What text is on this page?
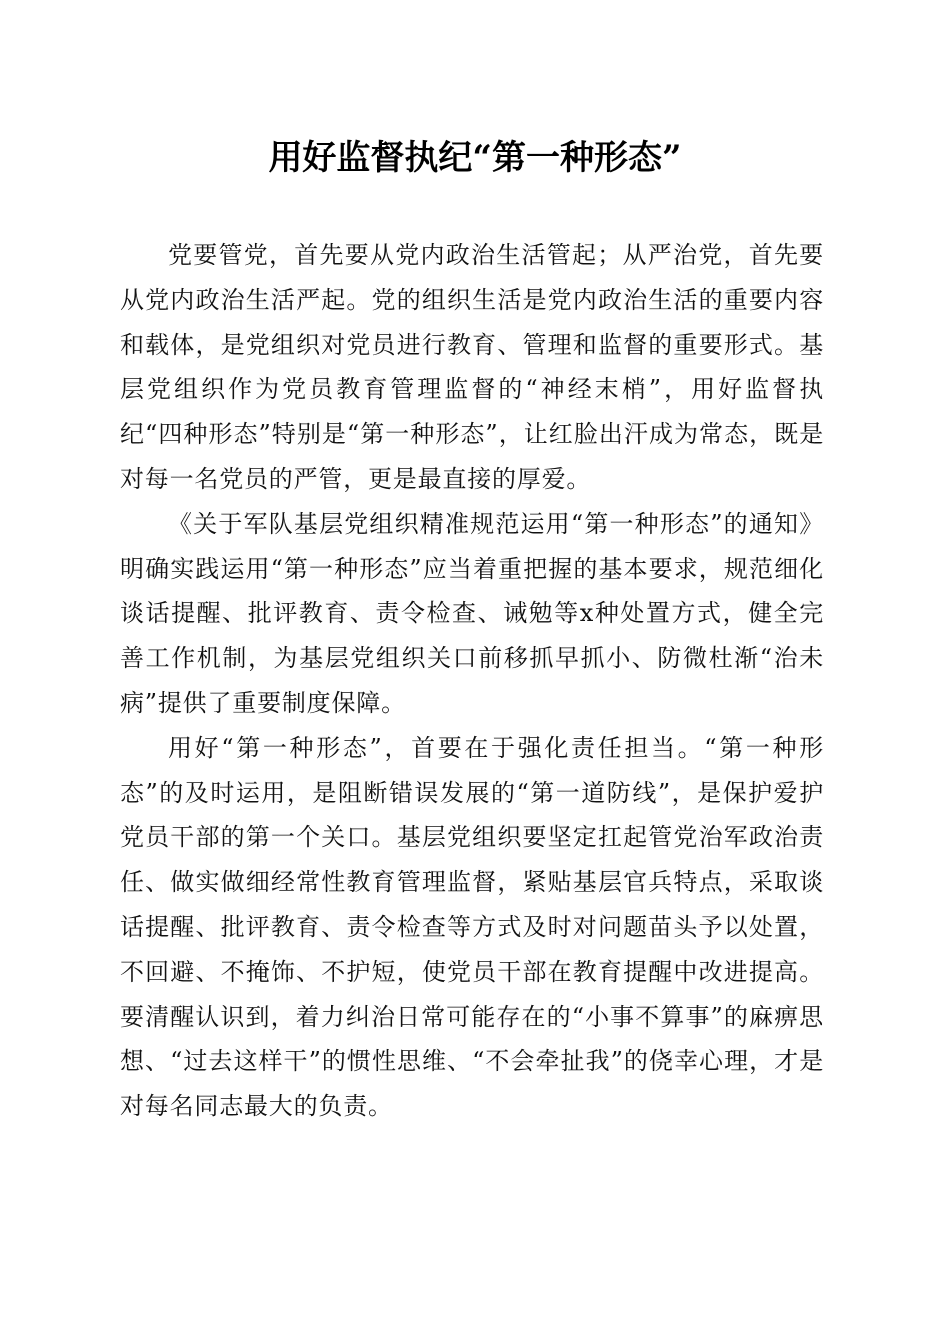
用好监督执纪“第一种形态”

党要管党，首先要从党内政治生活管起；从严治党，首先要从党内政治生活严起。党的组织生活是党内政治生活的重要内容和载体，是党组织对党员进行教育、管理和监督的重要形式。基层党组织作为党员教育管理监督的“神经末梢”，用好监督执纪“四种形态”特别是“第一种形态”，让红脸出汗成为常态，既是对每一名党员的严管，更是最直接的厚爱。

《关于军队基层党组织精准规范运用“第一种形态”的通知》明确实践运用“第一种形态”应当着重把握的基本要求，规范细化谈话提醒、批评教育、责令检查、诫勉等x种处置方式，健全完善工作机制，为基层党组织关口前移抓早抓小、防微杜渐“治未病”提供了重要制度保障。

用好“第一种形态”，首要在于强化责任担当。“第一种形态”的及时运用，是阻断错误发展的“第一道防线”，是保护爱护党员干部的第一个关口。基层党组织要坚定扛起管党治军政治责任、做实做细经常性教育管理监督，紧贴基层官兵特点，采取谈话提醒、批评教育、责令检查等方式及时对问题苗头予以处置，不回避、不掩饰、不护短，使党员干部在教育提醒中改进提高。要清醒认识到，着力纠治日常可能存在的“小事不算事”的麻痹思想、“过去这样干”的惯性思维、“不会牵扯我”的侥幸心理，才是对每名同志最大的负责。
